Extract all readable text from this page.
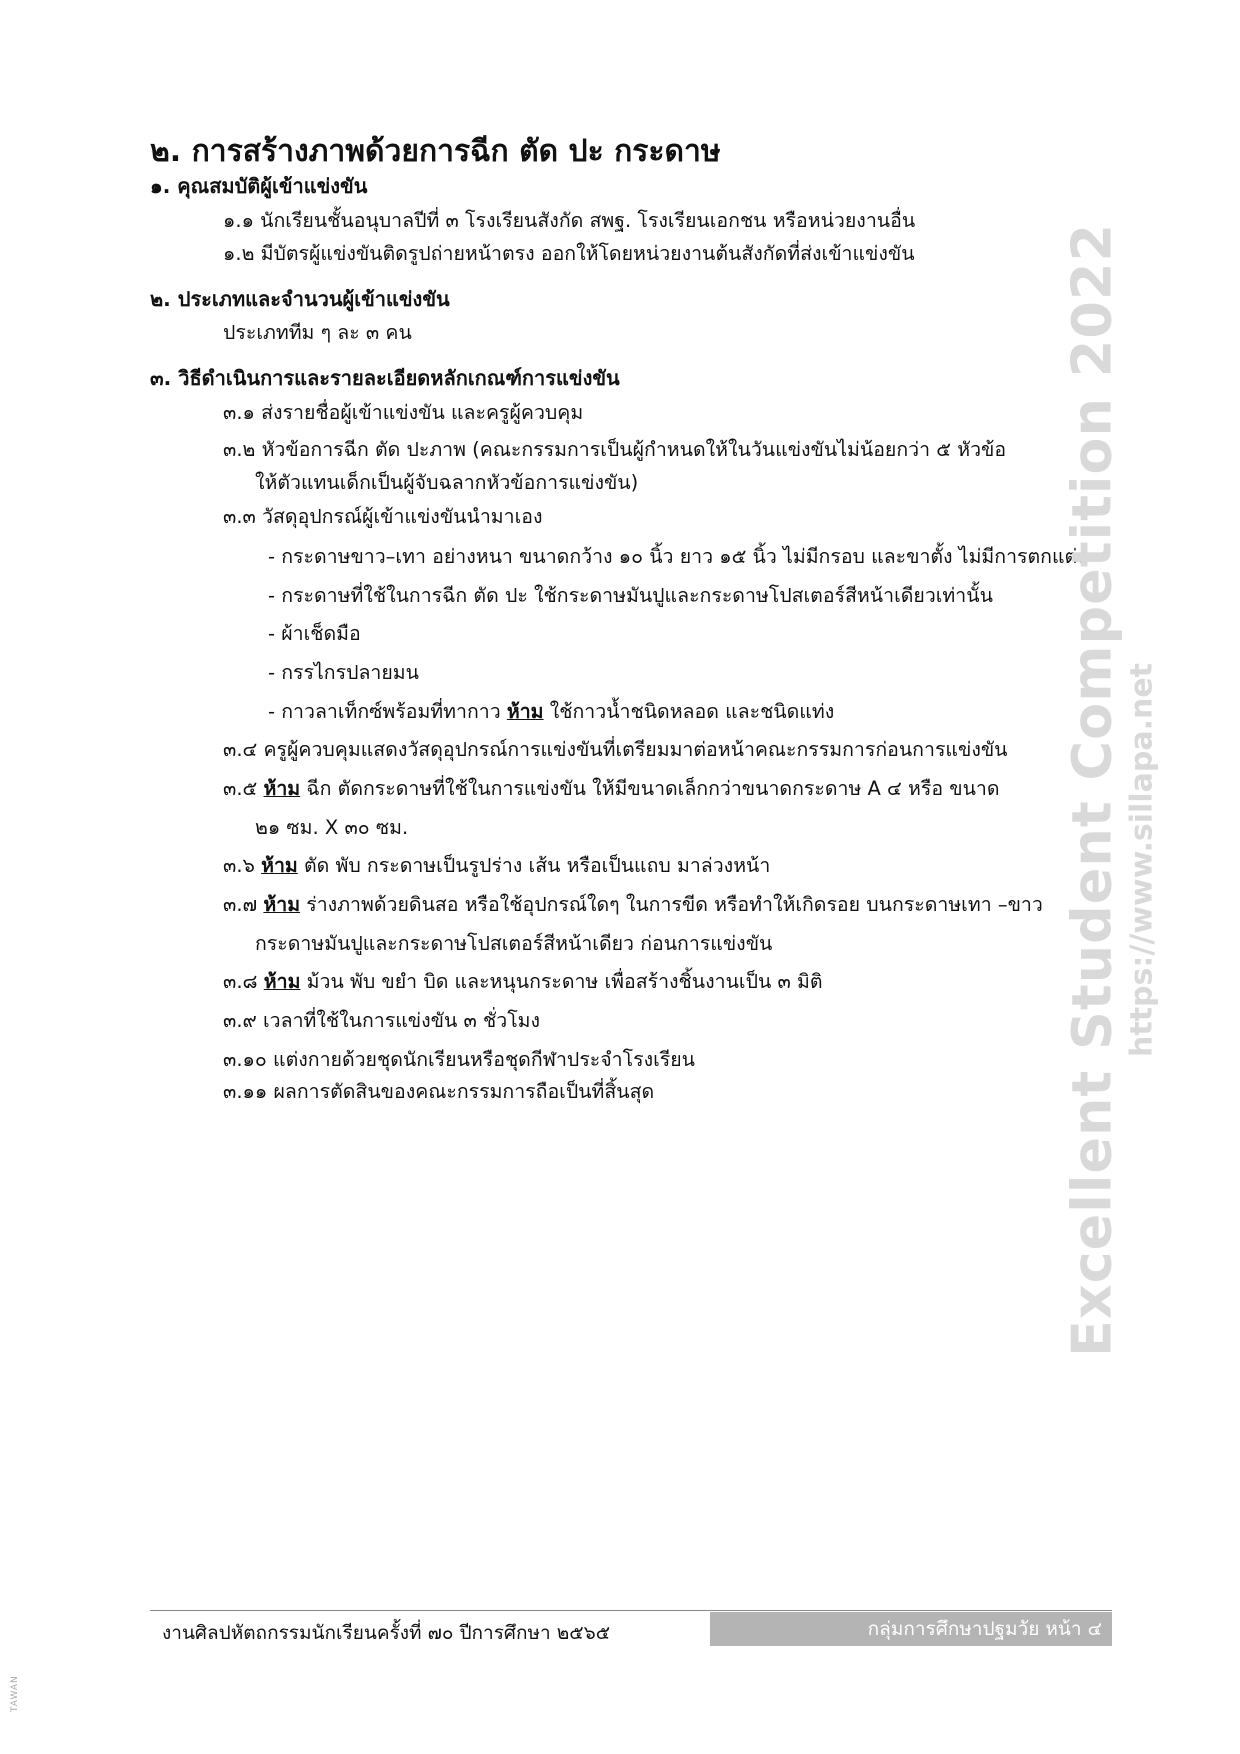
๒. การสร้างภาพด้วยการฉีก ตัด ปะ กระดาษ
๑. คุณสมบัติผู้เข้าแข่งขัน
๑.๑ นักเรียนชั้นอนุบาลปีที่ ๓ โรงเรียนสังกัด สพฐ. โรงเรียนเอกชน หรือหน่วยงานอื่น
๑.๒ มีบัตรผู้แข่งขันติดรูปถ่ายหน้าตรง ออกให้โดยหน่วยงานต้นสังกัดที่ส่งเข้าแข่งขัน
๒. ประเภทและจำนวนผู้เข้าแข่งขัน
ประเภททีม ๆ ละ ๓ คน
๓. วิธีดำเนินการและรายละเอียดหลักเกณฑ์การแข่งขัน
๓.๑ ส่งรายชื่อผู้เข้าแข่งขัน และครูผู้ควบคุม
๓.๒ หัวข้อการฉีก ตัด ปะภาพ (คณะกรรมการเป็นผู้กำหนดให้ในวันแข่งขันไม่น้อยกว่า ๕ หัวข้อ
ให้ตัวแทนเด็กเป็นผู้จับฉลากหัวข้อการแข่งขัน)
๓.๓ วัสดุอุปกรณ์ผู้เข้าแข่งขันนำมาเอง
- กระดาษขาว–เทา อย่างหนา ขนาดกว้าง ๑๐ นิ้ว ยาว ๑๕ นิ้ว ไม่มีกรอบ และขาตั้ง ไม่มีการตกแต่ง
- กระดาษที่ใช้ในการฉีก ตัด ปะ ใช้กระดาษมันปูและกระดาษโปสเตอร์สีหน้าเดียวเท่านั้น
- ผ้าเช็ดมือ
- กรรไกรปลายมน
- กาวลาเท็กซ์พร้อมที่ทากาว ห้าม ใช้กาวน้ำชนิดหลอด และชนิดแท่ง
๓.๔ ครูผู้ควบคุมแสดงวัสดุอุปกรณ์การแข่งขันที่เตรียมมาต่อหน้าคณะกรรมการก่อนการแข่งขัน
๓.๕ ห้าม ฉีก ตัดกระดาษที่ใช้ในการแข่งขัน ให้มีขนาดเล็กกว่าขนาดกระดาษ A ๔ หรือ ขนาด
๒๑ ซม. X ๓๐ ซม.
๓.๖ ห้าม ตัด พับ กระดาษเป็นรูปร่าง เส้น หรือเป็นแถบ มาล่วงหน้า
๓.๗ ห้าม ร่างภาพด้วยดินสอ หรือใช้อุปกรณ์ใดๆ ในการขีด หรือทำให้เกิดรอย บนกระดาษเทา –ขาว
กระดาษมันปูและกระดาษโปสเตอร์สีหน้าเดียว ก่อนการแข่งขัน
๓.๘ ห้าม ม้วน พับ ขยำ บิด และหนุนกระดาษ เพื่อสร้างชิ้นงานเป็น ๓ มิติ
๓.๙ เวลาที่ใช้ในการแข่งขัน ๓ ชั่วโมง
๓.๑๐ แต่งกายด้วยชุดนักเรียนหรือชุดกีฬาประจำโรงเรียน
๓.๑๑ ผลการตัดสินของคณะกรรมการถือเป็นที่สิ้นสุด	Excellent Student Competition 2022 https://www.sillapa.net
งานศิลปหัตถกรรมนักเรียนครั้งที่ ๗๐ ปีการศึกษา ๒๕๖๕	กลุ่มการศึกษาปฐมวัย หน้า ๔
TAWAN
